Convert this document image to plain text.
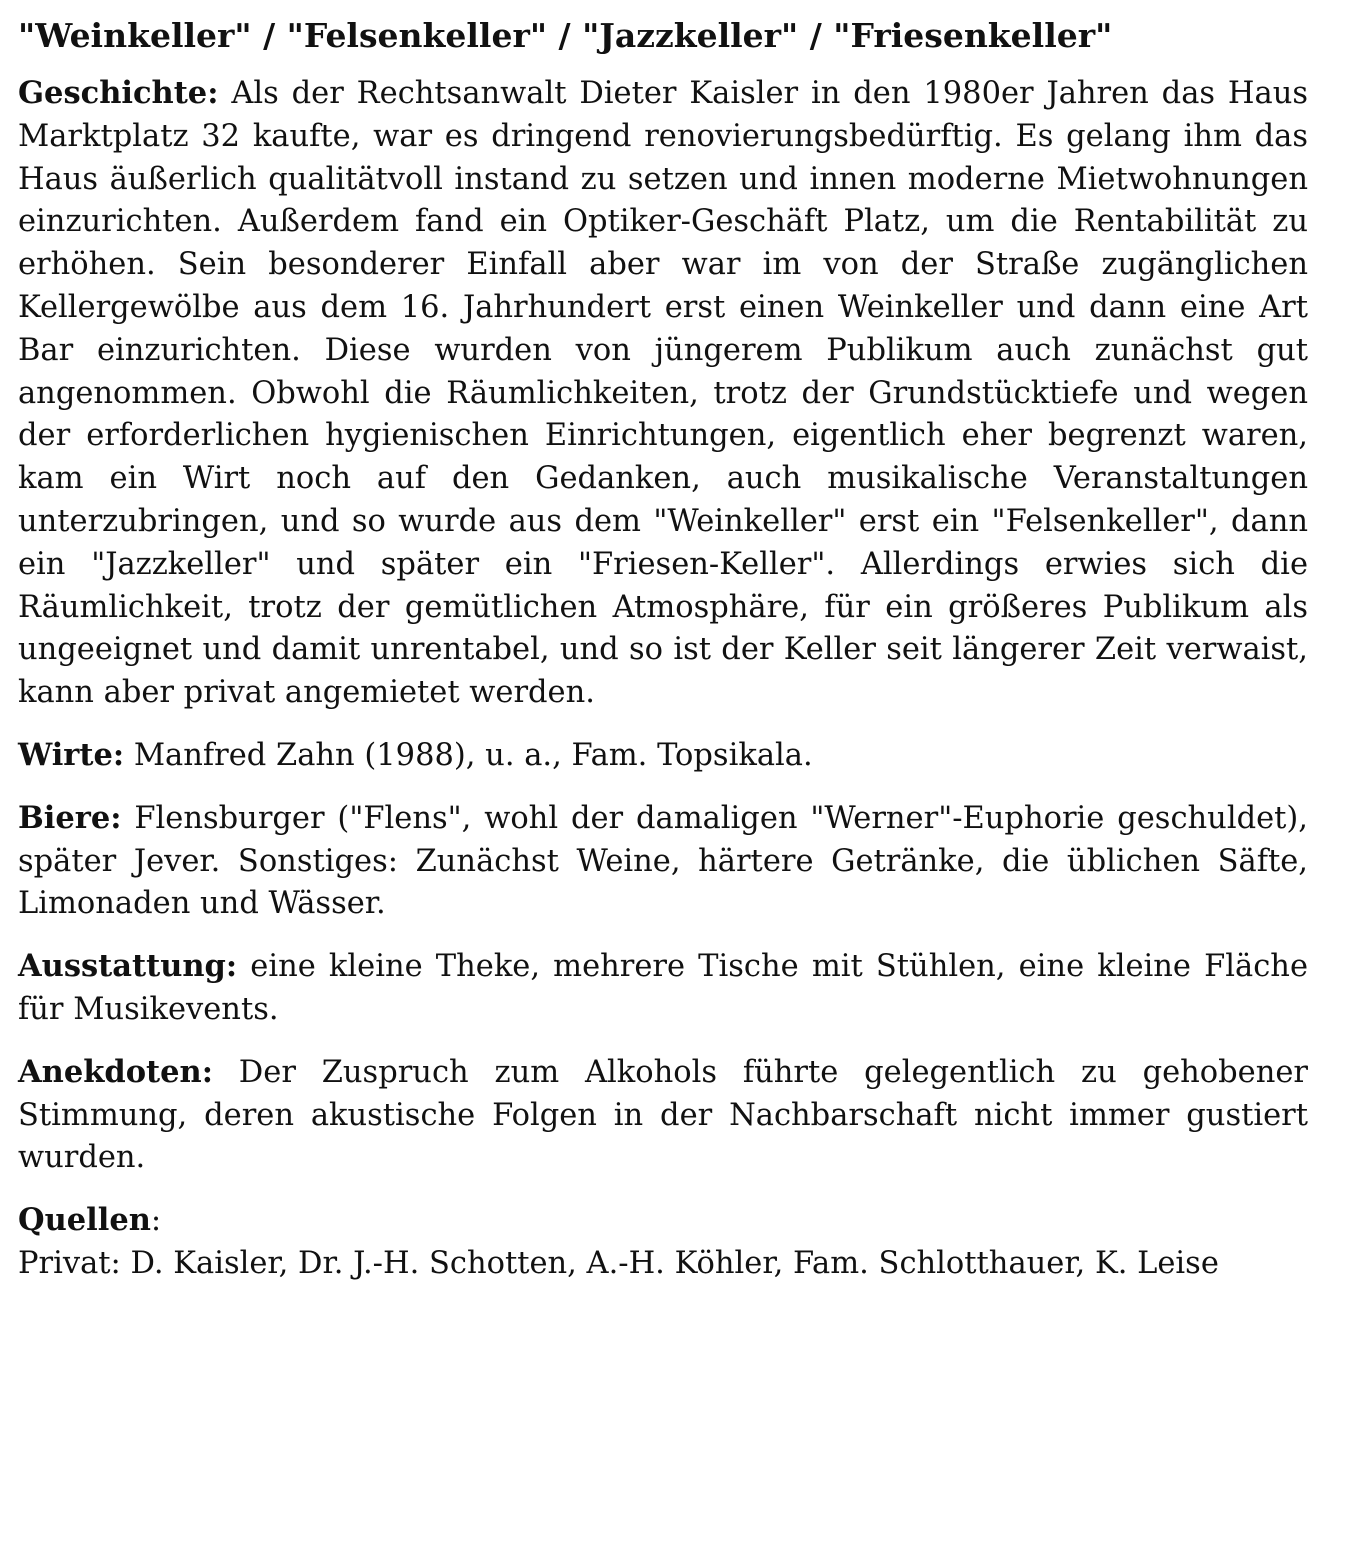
"Weinkeller" / "Felsenkeller" / "Jazzkeller" / "Friesenkeller"

Geschichte: Als der Rechtsanwalt Dieter Kaisler in den 1980er Jahren das Haus Marktplatz 32 kaufte, war es dringend renovierungsbedürftig. Es gelang ihm das Haus äußerlich qualitätvoll instand zu setzen und innen moderne Mietwohnungen einzurichten. Außerdem fand ein Optiker-Geschäft Platz, um die Rentabilität zu erhöhen. Sein besonderer Einfall aber war im von der Straße zugänglichen Kellergewölbe aus dem 16. Jahrhundert erst einen Weinkeller und dann eine Art Bar einzurichten. Diese wurden von jüngerem Publikum auch zunächst gut angenommen. Obwohl die Räumlichkeiten, trotz der Grundstücktiefe und wegen der erforderlichen hygienischen Einrichtungen, eigentlich eher begrenzt waren, kam ein Wirt noch auf den Gedanken, auch musikalische Veranstaltungen unterzubringen, und so wurde aus dem "Weinkeller" erst ein "Felsenkeller", dann ein "Jazzkeller" und später ein "Friesen-Keller". Allerdings erwies sich die Räumlichkeit, trotz der gemütlichen Atmosphäre, für ein größeres Publikum als ungeeignet und damit unrentabel, und so ist der Keller seit längerer Zeit verwaist, kann aber privat angemietet werden.

Wirte: Manfred Zahn (1988), u. a., Fam. Topsikala.

Biere: Flensburger ("Flens", wohl der damaligen "Werner"-Euphorie geschuldet), später Jever. Sonstiges: Zunächst Weine, härtere Getränke, die üblichen Säfte, Limonaden und Wässer.

Ausstattung: eine kleine Theke, mehrere Tische mit Stühlen, eine kleine Fläche für Musikevents.

Anekdoten: Der Zuspruch zum Alkohols führte gelegentlich zu gehobener Stimmung, deren akustische Folgen in der Nachbarschaft nicht immer gustiert wurden.

Quellen:
Privat: D. Kaisler, Dr. J.-H. Schotten, A.-H. Köhler, Fam. Schlotthauer, K. Leise
